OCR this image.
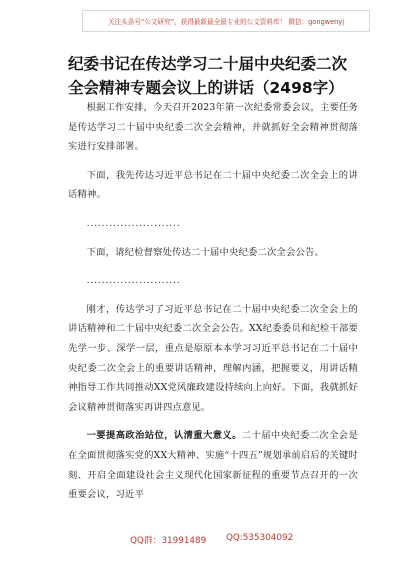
关注头条号“公文研究”，获得最新最全最专业的公文资料库！ 微信：gongwenyj
纪委书记在传达学习二十届中央纪委二次全会精神专题会议上的讲话（2498字）

根据工作安排，今天召开2023年第一次纪委常委会议，主要任务是传达学习二十届中央纪委二次全会精神，并就抓好全会精神贯彻落实进行安排部署。

下面，我先传达习近平总书记在二十届中央纪委二次全会上的讲话精神。

.........................

下面，请纪检督察处传达二十届中央纪委二次全会公告。

.........................

刚才，传达学习了习近平总书记在二十届中央纪委二次全会上的讲话精神和二十届中央纪委二次全会公告。XX纪委委员和纪检干部要先学一步、深学一层，重点是原原本本学习习近平总书记在二十届中央纪委二次全会上的重要讲话精神，理解内涵，把握要义，用讲话精神指导工作共同推动XX党风廉政建设持续向上向好。下面，我就抓好会议精神贯彻落实再讲四点意见。

一要提高政治站位，认清重大意义。二十届中央纪委二次全会是在全面贯彻落实党的XX大精神、实施“十四五”规划承前启后的关键时刻、开启全面建设社会主义现代化国家新征程的重要节点召开的一次重要会议，习近平

QQ群：31991489 QQ:535304092
